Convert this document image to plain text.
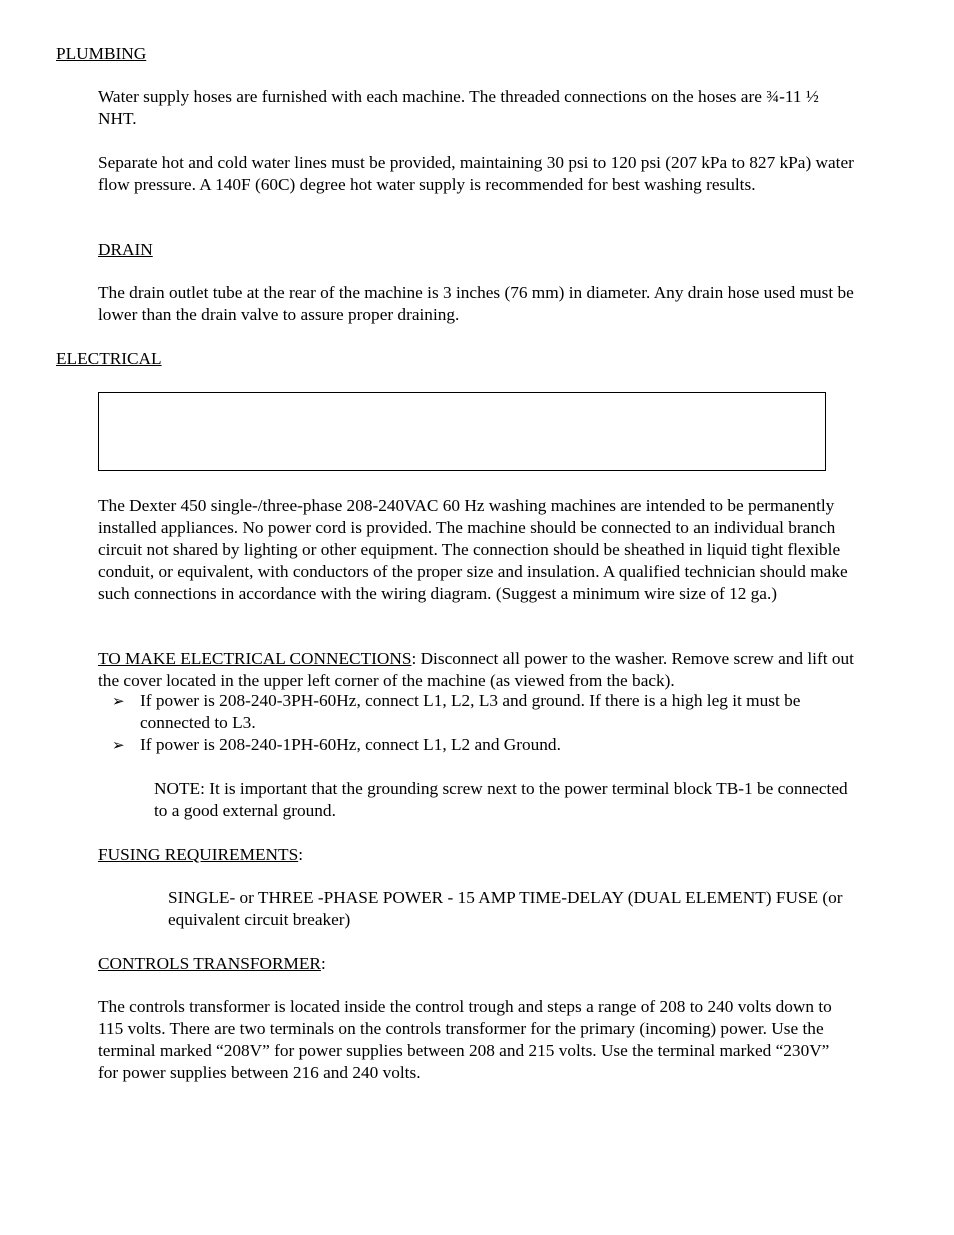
PLUMBING

Water supply hoses are furnished with each machine. The threaded connections on the hoses are ¾-11 ½ NHT.

Separate hot and cold water lines must be provided, maintaining 30 psi to 120 psi (207 kPa to 827 kPa) water flow pressure. A 140F (60C) degree hot water supply is recommended for best washing results.

DRAIN

The drain outlet tube at the rear of the machine is 3 inches (76 mm) in diameter. Any drain hose used must be lower than the drain valve to assure proper draining.

ELECTRICAL

The Dexter 450 single-/three-phase 208-240VAC 60 Hz washing machines are intended to be permanently installed appliances. No power cord is provided. The machine should be connected to an individual branch circuit not shared by lighting or other equipment. The connection should be sheathed in liquid tight flexible conduit, or equivalent, with conductors of the proper size and insulation. A qualified technician should make such connections in accordance with the wiring diagram. (Suggest a minimum wire size of 12 ga.)

TO MAKE ELECTRICAL CONNECTIONS: Disconnect all power to the washer. Remove screw and lift out the cover located in the upper left corner of the machine (as viewed from the back).

➢ If power is 208-240-3PH-60Hz, connect L1, L2, L3 and ground. If there is a high leg it must be connected to L3.
➢ If power is 208-240-1PH-60Hz, connect L1, L2 and Ground.

NOTE: It is important that the grounding screw next to the power terminal block TB-1 be connected to a good external ground.

FUSING REQUIREMENTS:

SINGLE- or THREE -PHASE POWER - 15 AMP TIME-DELAY (DUAL ELEMENT) FUSE (or equivalent circuit breaker)

CONTROLS TRANSFORMER:

The controls transformer is located inside the control trough and steps a range of 208 to 240 volts down to 115 volts. There are two terminals on the controls transformer for the primary (incoming) power. Use the terminal marked “208V” for power supplies between 208 and 215 volts. Use the terminal marked “230V” for power supplies between 216 and 240 volts.
